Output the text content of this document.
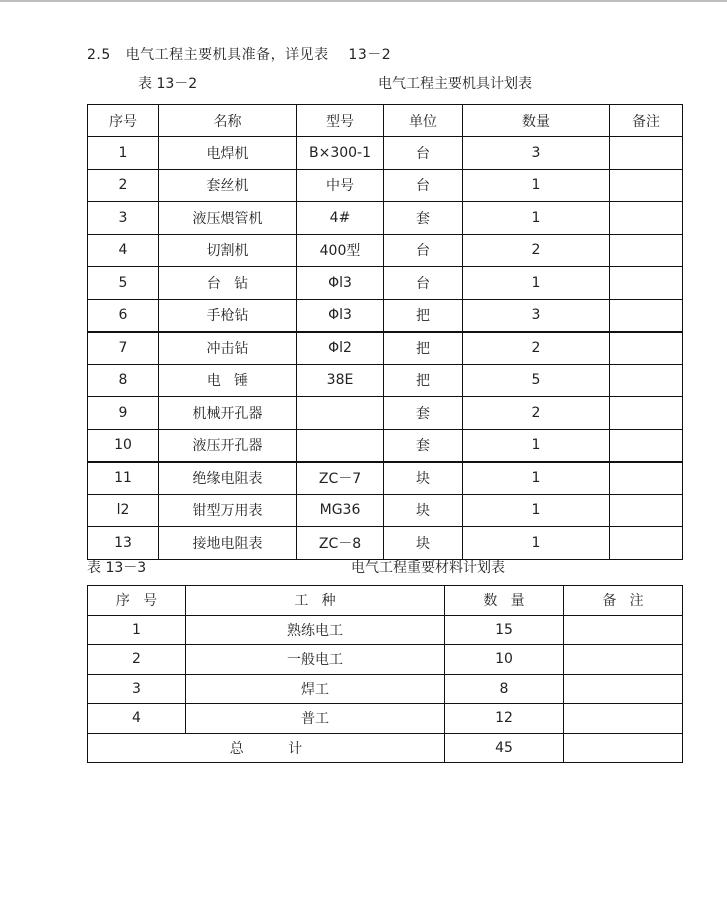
2.5   电气工程主要机具准备，详见表    13－2
表 13－2	电气工程主要机具计划表
序号	名称	型号	单位	数量	备注
1	电焊机	B×300-1	台	3	
2	套丝机	中号	台	1	
3	液压煨管机	4#	套	1	
4	切割机	400型	台	2	
5	台   钻	Φl3	台	1	
6	手枪钻	Φl3	把	3	
7	冲击钻	Φl2	把	2	
8	电   锤	38E	把	5	
9	机械开孔器		套	2	
10	液压开孔器		套	1	
11	绝缘电阻表	ZC－7	块	1	
l2	钳型万用表	MG36	块	1	
13	接地电阻表	ZC－8	块	1	
表 13－3	电气工程重要材料计划表
序   号	工   种	数   量	备   注
1	熟练电工	15	
2	一般电工	10	
3	焊工	8	
4	普工	12	
总          计		45	
